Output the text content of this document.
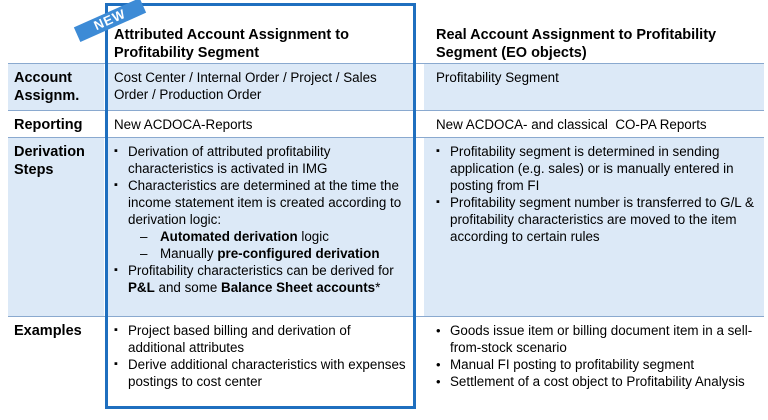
Attributed Account Assignment to Profitability Segment
Real Account Assignment to Profitability Segment (EO objects)
Account Assignm.
Cost Center / Internal Order / Project / Sales Order / Production Order
Profitability Segment
Reporting	New ACDOCA-Reports	New ACDOCA- and classical  CO-PA Reports
Derivation Steps
▪ Derivation of attributed profitability characteristics is activated in IMG
▪ Characteristics are determined at the time the income statement item is created according to derivation logic:
– Automated derivation logic
– Manually pre-configured derivation
▪ Profitability characteristics can be derived for P&L and some Balance Sheet accounts*
▪ Profitability segment is determined in sending application (e.g. sales) or is manually entered in posting from FI
▪ Profitability segment number is transferred to G/L & profitability characteristics are moved to the item according to certain rules
Examples
▪	Project based billing and derivation of additional attributes
▪ Derive additional characteristics with expenses postings to cost center
• Goods issue item or billing document item in a sell-from-stock scenario
• Manual FI posting to profitability segment
• Settlement of a cost object to Profitability Analysis
NEW
